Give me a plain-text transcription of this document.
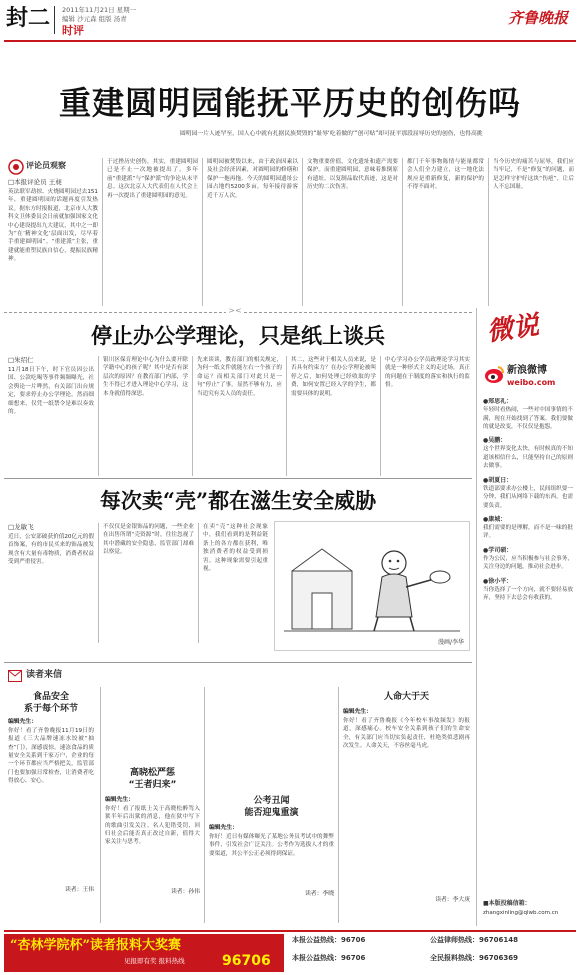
封二 2011年11月21日 星期一
编辑 沙元森 组版 汤青
时评
齐鲁晚报
重建圆明园能抚平历史的创伤吗
圆明园一片人迹罕至，国人心中就有扎据民族焚毁的“耻辱‘吃着做的’”创可贴”却可抚平那段屈辱历史的创伤，也得高挑
评论员观察
□本报评论员 王昶
英法联军劫掠、火烧圆明园过去151年，重建圆明园的话题再度引发热议。据东方时报报道，北京市人大教科文卫体委员会日前就加强国家文化中心建设提出九大建议，其中之一即为“在‘精神文化’层面出发，尽早着手重建圆明园”。“重建派”主张，重建就能重塑民族自信心，提振民族精神。
于过挫历史创伤。其实，重建圆明园已是不止一次地被提出了。多年前“重建派”与“保护派”的争论从未平息。这次北京人大代表们在人代会上再一次提出了重建圆明园的意见。
圆明园被焚毁以来，由于政治因素以及社会经济因素，对圆明园的修缮和保护一拖再拖。今天的圆明园遗址公园占地约5200多亩，每年接待游客近千万人次。
文物重要价值，文化遗址和遗产需要保护。而重建圆明园，意味着推倒原有遗址，以复制品取代真迹，这是对历史的二次伤害。
都门千年事物陈情与能量都常会人们全力建立，这一地化法规应是重新修复，新的保护的不得不面对。
当今历史的痛苦与屈辱，我们应当牢记，不是“修复”的问题，而是怎样守护好这块“伤疤”，让后人不忘国耻。
><
微说
新浪微博
weibo.com
●郑思礼：
年轻时看热闹，一些对中国事情的不满，现在开始找到了答案。我们要做的就是改变，不仅仅是抱怨。
●吴鹏：
这个世界变化太快，有时候真的不知道该相信什么，只能坚持自己的原则去做事。
●胡夏日：
铁道部要求办公楼上，民间组织要一分钟，我们从网络下载的东西，也需要负责。
●康城：
我们需要的是理解，而不是一味的批评。
●学司硕：
作为公民，应当积极参与社会事务，关注身边的问题，推动社会进步。
●徐小平：
当你选择了一个方向，就不要轻易放弃，坚持下去总会有收获的。
■本版投稿信箱：
zhangxinling@qlwb.com.cn
停止办公学理论，只是纸上谈兵
□朱绍仁
11月18日下午，时下官员因公出国、公款吃喝等事件频频曝光，社会舆论一片哗然，有关部门出台规定，要求停止办公学理论。然而细细想来，仅凭一纸禁令是难以奏效的。
银川区保育理论中心为什么要开除学籍中心的孩子呢？其中是否有深层次的原因？在教育部门内部，学生不得已才进入理论中心学习，这本身就值得深思。
先来谈谈，教育部门的相关规定，为何一纸文件就能左右一个孩子的命运？而相关部门对此只是一句“停止”了事，显然不够有力，应当追究有关人员的责任。
其二，这些对于相关人员来说，是否具有约束力？在办公学理论被叫停之后，如何处理已经收取的学费，如何安置已经入学的学生，都需要具体的说明。
中心学习办公学员政理论学习其实就是一种形式主义的走过场，真正的问题在于制度的落实和执行的监督。
每次卖“壳”都在滋生安全威胁
□龙敏飞
近日，公安部破获价值20亿元的假首饰案，有的市民买来的饰品被发现含有大量有毒物质，消费者权益受到严重侵害。
不仅仅是金银饰品的问题，一些企业在出售所谓“壳资源”时，往往忽视了其中潜藏的安全隐患，监管部门却难以察觉。
在卖“壳”这种社会现象中，我们看到的是利益链条上的各方都在获利，唯独消费者的权益受到损害，这种现象需要引起重视。
漫画/李华
读者来信
食品安全
系于每个环节
编辑先生：
你好！看了齐鲁晚报11月19日的报道《三大品牌速冻水饺被“抽查”门》，深感震惊。速冻食品的质量安全关系到千家万户，企业的每一个环节都应当严格把关，监管部门也要加强日常检查，让消费者吃得放心、安心。
读者：王伟
高晓松严惩
“王者归来”
编辑先生：
你好！看了报纸上关于高晓松醉驾入狱半年后出狱的消息，他在狱中写下的歌曲引发关注。名人犯错受罚，回归社会后能否真正改过自新，值得大家关注与思考。
读者：孙伟
公考丑闻
能否迎鬼重演
编辑先生：
你好！近日有媒体曝光了某地公务员考试中的舞弊事件，引发社会广泛关注。公考作为选拔人才的重要渠道，其公平公正必须得到保证。
读者：李晓
人命大于天
编辑先生：
你好！看了齐鲁晚报《今年校车事故频发》的报道，深感痛心。校车安全关系到孩子们的生命安全，有关部门应当切实负起责任，杜绝类似悲剧再次发生。人命关天，不容丝毫马虎。
读者：李大庚
“杏林学院杯”读者报料大奖赛
见报即有奖 报料热线	96706
本报公益热线：96706	公益律师热线：96706148
本报公益热线：96706	全民报料热线：96706369
